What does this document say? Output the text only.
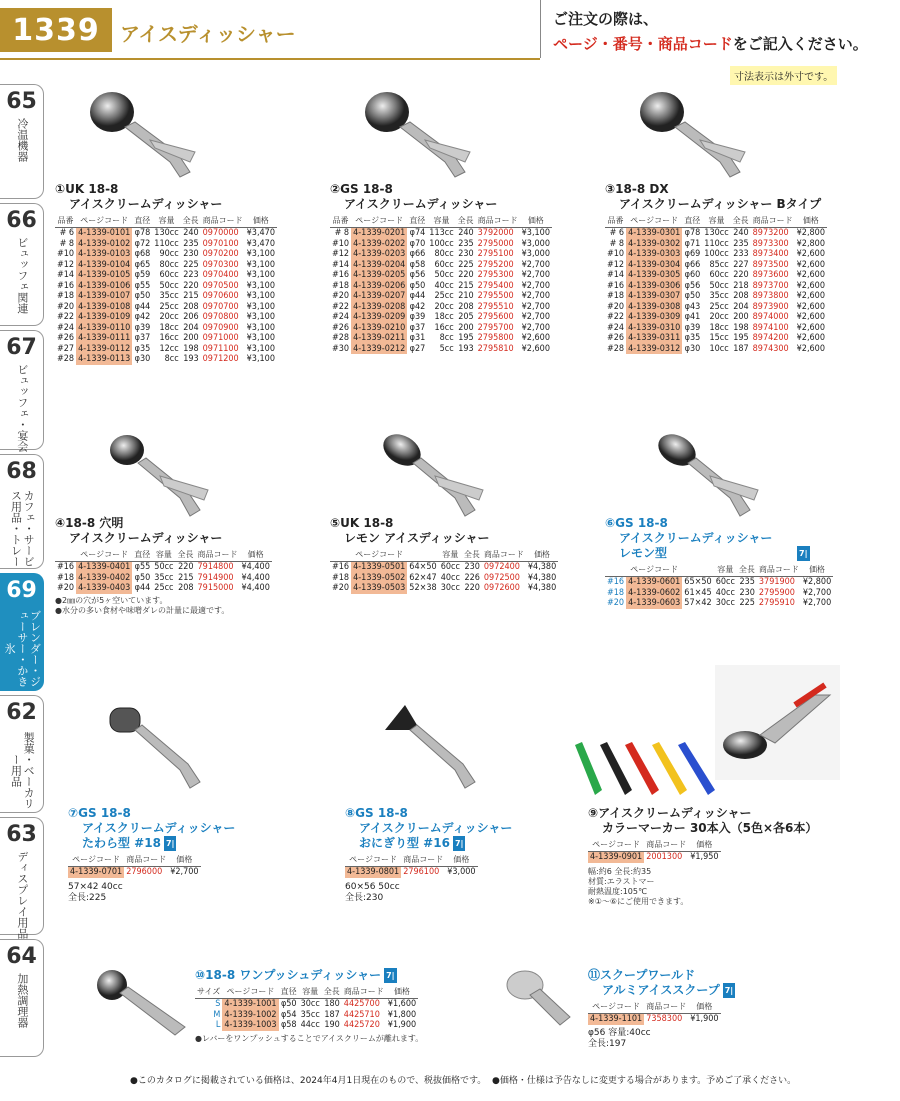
1339	アイスディッシャー
ご注文の際は、
ページ・番号・商品コードをご記入ください。
寸法表示は外寸です。
65
冷温機器
66
ビュッフェ関連
67
ビュッフェ・宴会
68
カフェ・サービス用品・トレー
69
ブレンダー・ジューサー・かき氷
62
製菓・ベーカリー用品
63
ディスプレイ用品
64
加熱調理器
①UK 18-8
アイスクリームディッシャー
品番	ページコード	直径	容量	全長	商品コード	価格
# 6	4-1339-0101	φ78	130cc	240	0970000	¥3,470
# 8	4-1339-0102	φ72	110cc	235	0970100	¥3,470
#10	4-1339-0103	φ68	90cc	230	0970200	¥3,100
#12	4-1339-0104	φ65	80cc	225	0970300	¥3,100
#14	4-1339-0105	φ59	60cc	223	0970400	¥3,100
#16	4-1339-0106	φ55	50cc	220	0970500	¥3,100
#18	4-1339-0107	φ50	35cc	215	0970600	¥3,100
#20	4-1339-0108	φ44	25cc	208	0970700	¥3,100
#22	4-1339-0109	φ42	20cc	206	0970800	¥3,100
#24	4-1339-0110	φ39	18cc	204	0970900	¥3,100
#26	4-1339-0111	φ37	16cc	200	0971000	¥3,100
#27	4-1339-0112	φ35	12cc	198	0971100	¥3,100
#28	4-1339-0113	φ30	8cc	193	0971200	¥3,100
②GS 18-8
アイスクリームディッシャー
品番	ページコード	直径	容量	全長	商品コード	価格
# 8	4-1339-0201	φ74	113cc	240	3792000	¥3,100
#10	4-1339-0202	φ70	100cc	235	2795000	¥3,000
#12	4-1339-0203	φ66	80cc	230	2795100	¥3,000
#14	4-1339-0204	φ58	60cc	225	2795200	¥2,700
#16	4-1339-0205	φ56	50cc	220	2795300	¥2,700
#18	4-1339-0206	φ50	40cc	215	2795400	¥2,700
#20	4-1339-0207	φ44	25cc	210	2795500	¥2,700
#22	4-1339-0208	φ42	20cc	208	2795510	¥2,700
#24	4-1339-0209	φ39	18cc	205	2795600	¥2,700
#26	4-1339-0210	φ37	16cc	200	2795700	¥2,700
#28	4-1339-0211	φ31	8cc	195	2795800	¥2,600
#30	4-1339-0212	φ27	5cc	193	2795810	¥2,600
③18-8 DX
アイスクリームディッシャー Bタイプ
品番	ページコード	直径	容量	全長	商品コード	価格
# 6	4-1339-0301	φ78	130cc	240	8973200	¥2,800
# 8	4-1339-0302	φ71	110cc	235	8973300	¥2,800
#10	4-1339-0303	φ69	100cc	233	8973400	¥2,600
#12	4-1339-0304	φ66	85cc	227	8973500	¥2,600
#14	4-1339-0305	φ60	60cc	220	8973600	¥2,600
#16	4-1339-0306	φ56	50cc	218	8973700	¥2,600
#18	4-1339-0307	φ50	35cc	208	8973800	¥2,600
#20	4-1339-0308	φ43	25cc	204	8973900	¥2,600
#22	4-1339-0309	φ41	20cc	200	8974000	¥2,600
#24	4-1339-0310	φ39	18cc	198	8974100	¥2,600
#26	4-1339-0311	φ35	15cc	195	8974200	¥2,600
#28	4-1339-0312	φ30	10cc	187	8974300	¥2,600
④18-8 穴明
アイスクリームディッシャー
	ページコード	直径	容量	全長	商品コード	価格
#16	4-1339-0401	φ55	50cc	220	7914800	¥4,400
#18	4-1339-0402	φ50	35cc	215	7914900	¥4,400
#20	4-1339-0403	φ44	25cc	208	7915000	¥4,400
●2㎜の穴が5ヶ空いています。
●水分の多い食材や味噌ダレの計量に最適です。
⑤UK 18-8
レモン アイスディッシャー
	ページコード		容量	全長	商品コード	価格
#16	4-1339-0501	64×50	60cc	230	0972400	¥4,380
#18	4-1339-0502	62×47	40cc	226	0972500	¥4,380
#20	4-1339-0503	52×38	30cc	220	0972600	¥4,380
⑥GS 18-8
アイスクリームディッシャー
レモン型	7|
	ページコード		容量	全長	商品コード	価格
#16	4-1339-0601	65×50	60cc	235	3791900	¥2,800
#18	4-1339-0602	61×45	40cc	230	2795900	¥2,700
#20	4-1339-0603	57×42	30cc	225	2795910	¥2,700
⑦GS 18-8
アイスクリームディッシャー
たわら型 #18 7|
ページコード	商品コード	価格
4-1339-0701	2796000	¥2,700
57×42 40cc
全長:225
⑧GS 18-8
アイスクリームディッシャー
おにぎり型 #16 7|
ページコード	商品コード	価格
4-1339-0801	2796100	¥3,000
60×56 50cc
全長:230
⑨アイスクリームディッシャー
カラーマーカー 30本入（5色×各6本）
ページコード	商品コード	価格
4-1339-0901	2001300	¥1,950
幅:約6 全長:約35
材質:エラストマー
耐熱温度:105℃
※①〜⑥にご使用できます。
⑩18-8 ワンプッシュディッシャー 7|
サイズ	ページコード	直径	容量	全長	商品コード	価格
S	4-1339-1001	φ50	30cc	180	4425700	¥1,600
M	4-1339-1002	φ54	35cc	187	4425710	¥1,800
L	4-1339-1003	φ58	44cc	190	4425720	¥1,900
●レバーをワンプッシュすることでアイスクリームが離れます。
⑪スクープワールド
アルミアイススクープ 7|
ページコード	商品コード	価格
4-1339-1101	7358300	¥1,900
φ56 容量:40cc
全長:197
●このカタログに掲載されている価格は、2024年4月1日現在のもので、税抜価格です。 ●価格・仕様は予告なしに変更する場合があります。予めご了承ください。
